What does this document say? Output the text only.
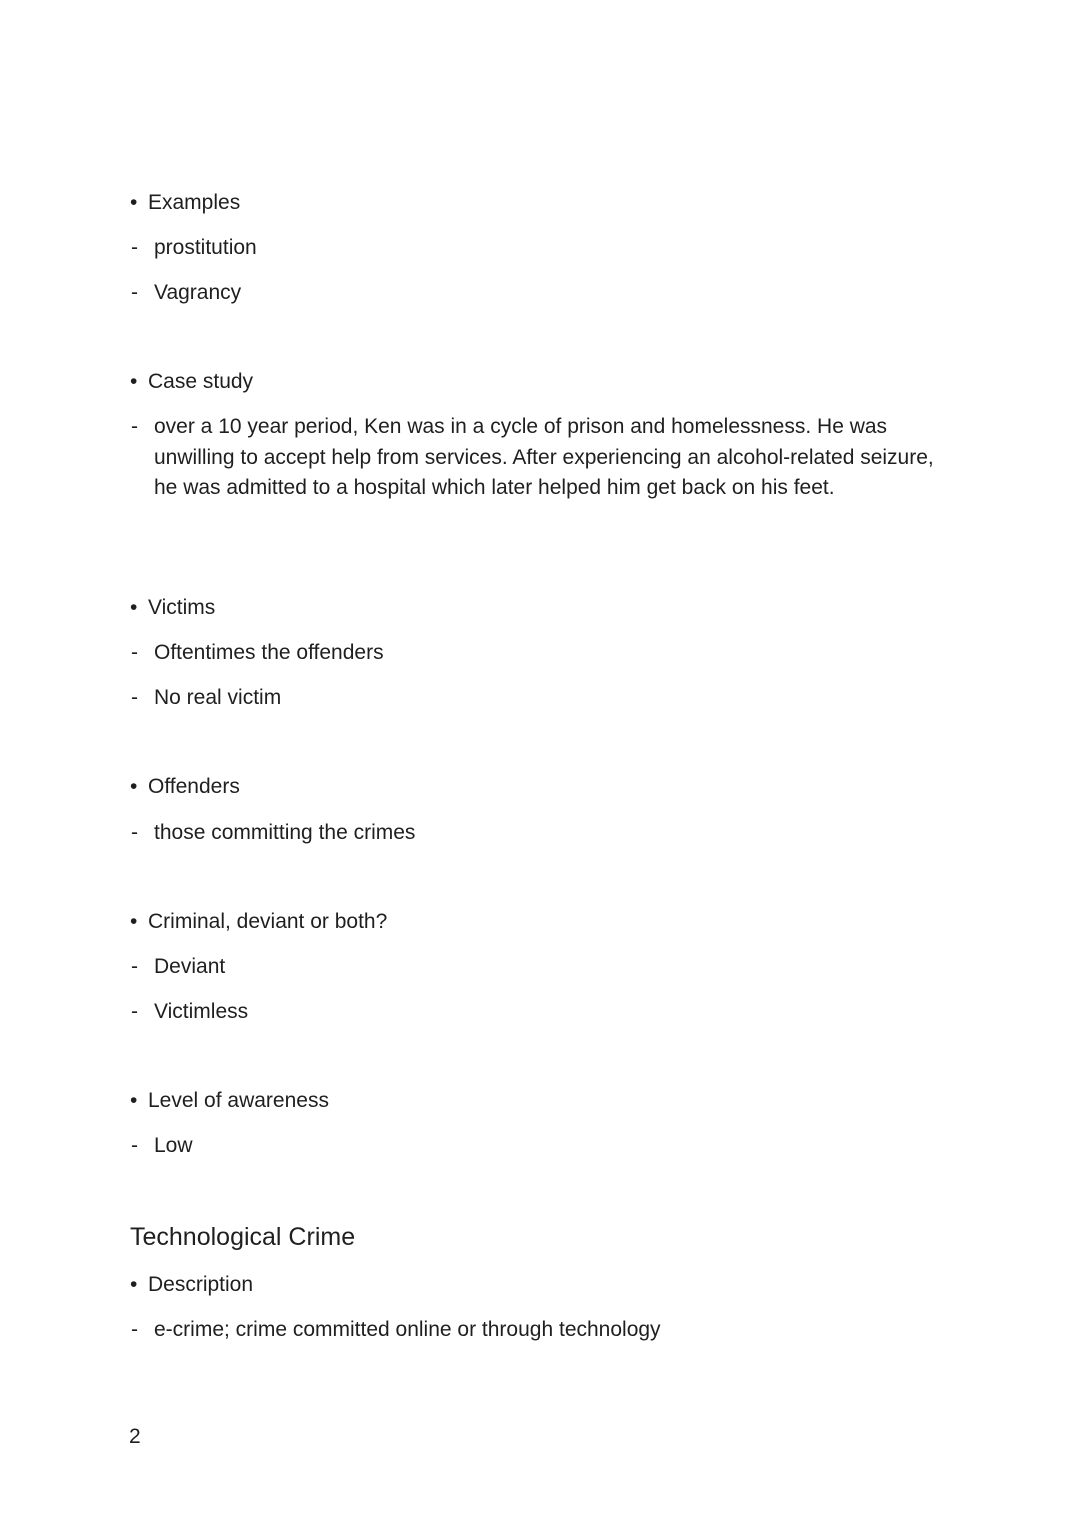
• Examples
- prostitution
- Vagrancy
• Case study
- over a 10 year period, Ken was in a cycle of prison and homelessness. He was unwilling to accept help from services. After experiencing an alcohol-related seizure, he was admitted to a hospital which later helped him get back on his feet.
• Victims
- Oftentimes the offenders
- No real victim
• Offenders
- those committing the crimes
• Criminal, deviant or both?
- Deviant
- Victimless
• Level of awareness
- Low
Technological Crime
• Description
- e-crime; crime committed online or through technology
2
